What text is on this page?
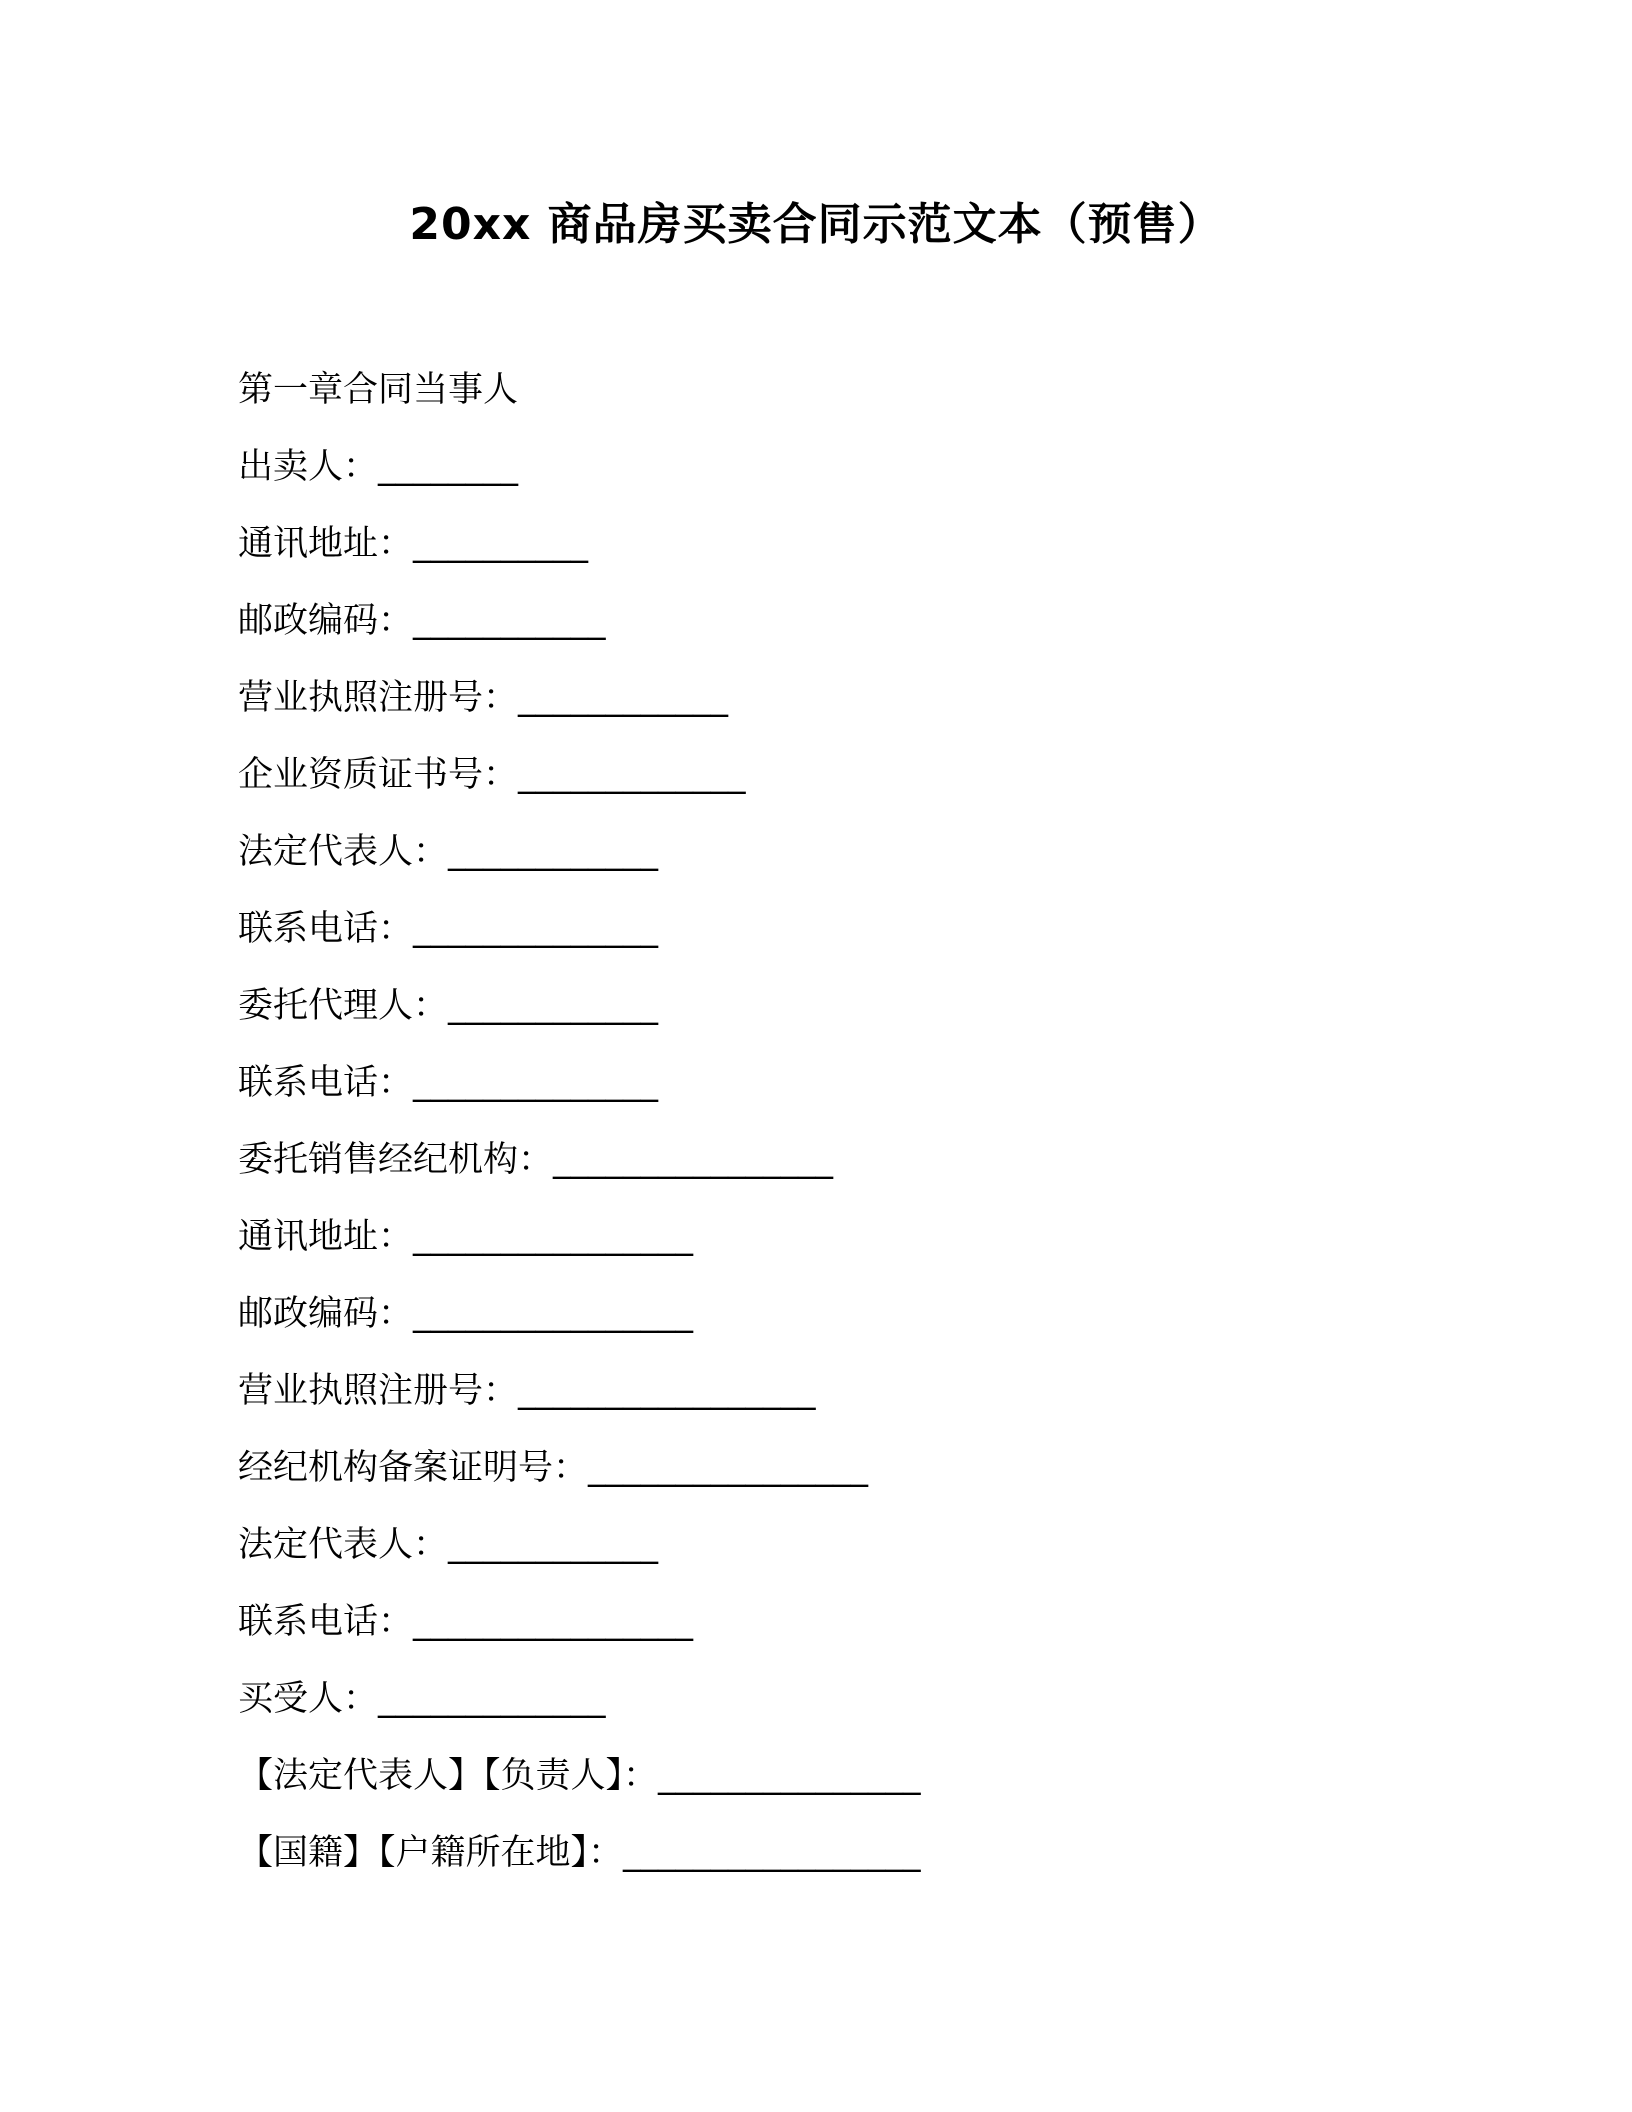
20xx 商品房买卖合同示范文本（预售）
第一章合同当事人
出卖人：________
通讯地址：__________
邮政编码：___________
营业执照注册号：____________
企业资质证书号：_____________
法定代表人：____________
联系电话：______________
委托代理人：____________
联系电话：______________
委托销售经纪机构：________________
通讯地址：________________
邮政编码：________________
营业执照注册号：_________________
经纪机构备案证明号：________________
法定代表人：____________
联系电话：________________
买受人：_____________
【法定代表人】【负责人】：_______________
【国籍】【户籍所在地】：_________________
